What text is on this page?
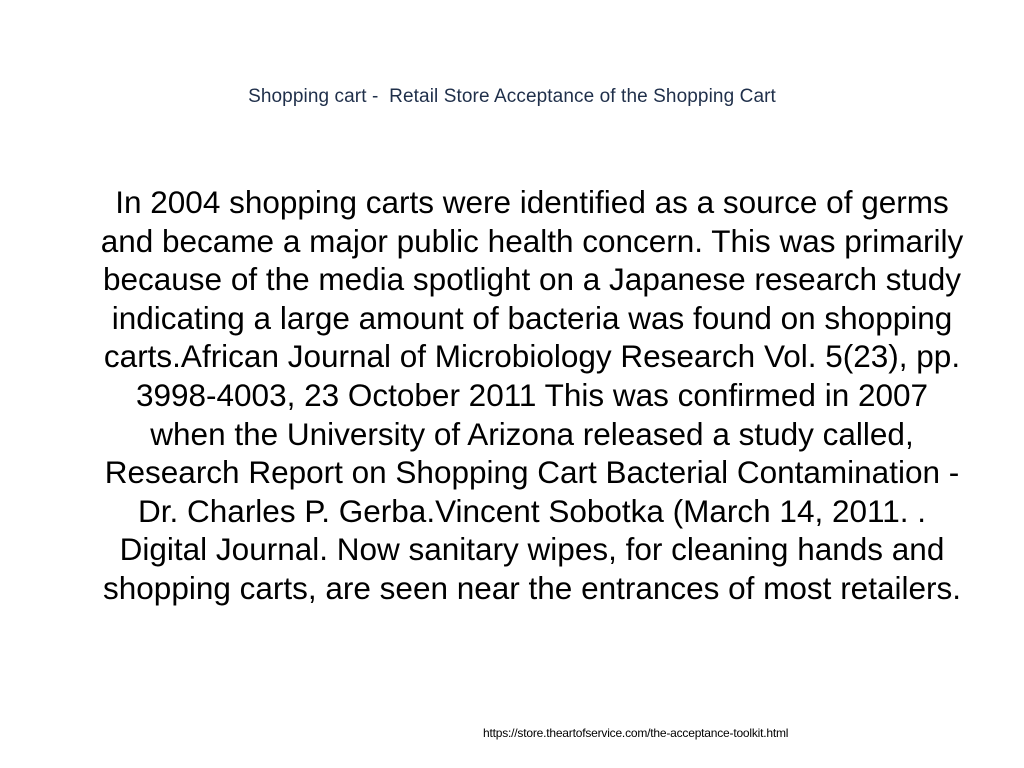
Shopping cart -  Retail Store Acceptance of the Shopping Cart

In 2004 shopping carts were identified as a source of germs and became a major public health concern. This was primarily because of the media spotlight on a Japanese research study indicating a large amount of bacteria was found on shopping carts.African Journal of Microbiology Research Vol. 5(23), pp. 3998-4003, 23 October 2011 This was confirmed in 2007 when the University of Arizona released a study called, Research Report on Shopping Cart Bacterial Contamination - Dr. Charles P. Gerba.Vincent Sobotka (March 14, 2011. . Digital Journal. Now sanitary wipes, for cleaning hands and shopping carts, are seen near the entrances of most retailers.

https://store.theartofservice.com/the-acceptance-toolkit.html
